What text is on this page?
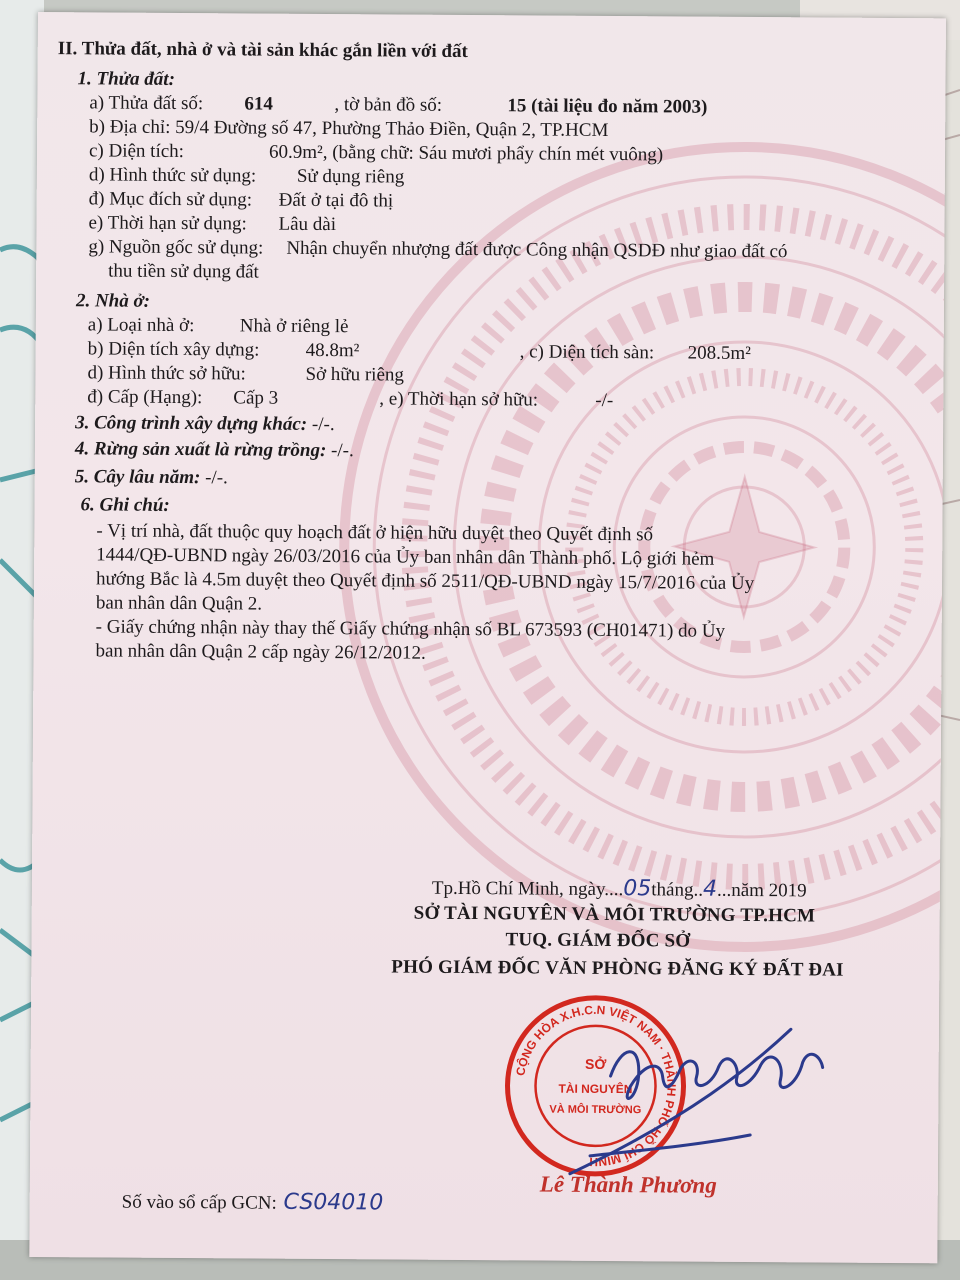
II. Thửa đất, nhà ở và tài sản khác gắn liền với đất
1. Thửa đất:
a) Thửa đất số: 614	, tờ bản đồ số:	15 (tài liệu đo năm 2003)
b) Địa chỉ: 59/4 Đường số 47, Phường Thảo Điền, Quận 2, TP.HCM
c) Diện tích:	60.9m², (bằng chữ: Sáu mươi phẩy chín mét vuông)
d) Hình thức sử dụng: Sử dụng riêng
đ) Mục đích sử dụng: Đất ở tại đô thị
e) Thời hạn sử dụng: Lâu dài
g) Nguồn gốc sử dụng: Nhận chuyển nhượng đất được Công nhận QSDĐ như giao đất có
thu tiền sử dụng đất
2. Nhà ở:
a) Loại nhà ở: Nhà ở riêng lẻ
b) Diện tích xây dựng: 48.8m²	, c) Diện tích sàn: 208.5m²
d) Hình thức sở hữu:	Sở hữu riêng
đ) Cấp (Hạng): Cấp 3	, e) Thời hạn sở hữu:	-/-
3. Công trình xây dựng khác: -/-.
4. Rừng sản xuất là rừng trồng: -/-.
5. Cây lâu năm: -/-.
6. Ghi chú:
- Vị trí nhà, đất thuộc quy hoạch đất ở hiện hữu duyệt theo Quyết định số
1444/QĐ-UBND ngày 26/03/2016 của Ủy ban nhân dân Thành phố. Lộ giới hẻm
hướng Bắc là 4.5m duyệt theo Quyết định số 2511/QĐ-UBND ngày 15/7/2016 của Ủy
ban nhân dân Quận 2.
- Giấy chứng nhận này thay thế Giấy chứng nhận số BL 673593 (CH01471) do Ủy
ban nhân dân Quận 2 cấp ngày 26/12/2012.
Tp.Hồ Chí Minh, ngày....05tháng..4...năm 2019
SỞ TÀI NGUYÊN VÀ MÔI TRƯỜNG TP.HCM
TUQ. GIÁM ĐỐC SỞ
PHÓ GIÁM ĐỐC VĂN PHÒNG ĐĂNG KÝ ĐẤT ĐAI
CỘNG HÒA X.H.C.N VIỆT NAM · THÀNH PHỐ HỒ CHÍ MINH
SỞ
TÀI NGUYÊN
VÀ MÔI TRƯỜNG
Lê Thành Phương
Số vào sổ cấp GCN: CS04010
